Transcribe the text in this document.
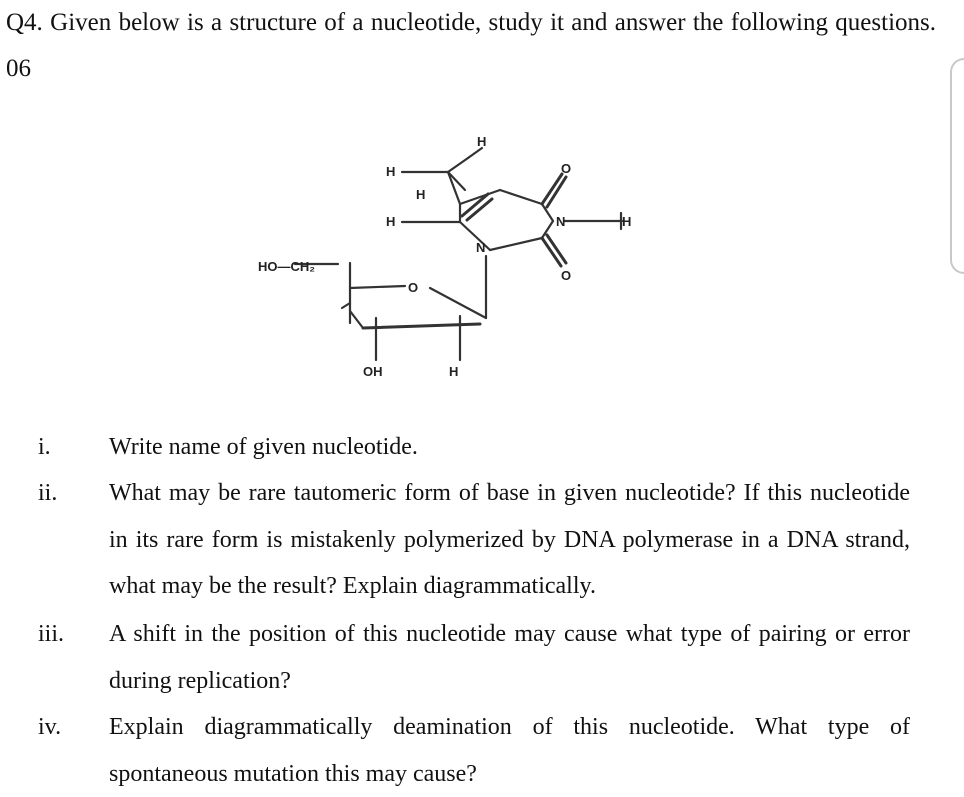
Q4. Given below is a structure of a nucleotide, study it and answer the following questions. 06
H
H
H
H
O
N	H
N
O
HO—CH₂
O
OH	H
i. Write name of given nucleotide.
ii. What may be rare tautomeric form of base in given nucleotide? If this nucleotide in its rare form is mistakenly polymerized by DNA polymerase in a DNA strand, what may be the result? Explain diagrammatically.
iii. A shift in the position of this nucleotide may cause what type of pairing or error during replication?
iv. Explain diagrammatically deamination of this nucleotide. What type of spontaneous mutation this may cause?
